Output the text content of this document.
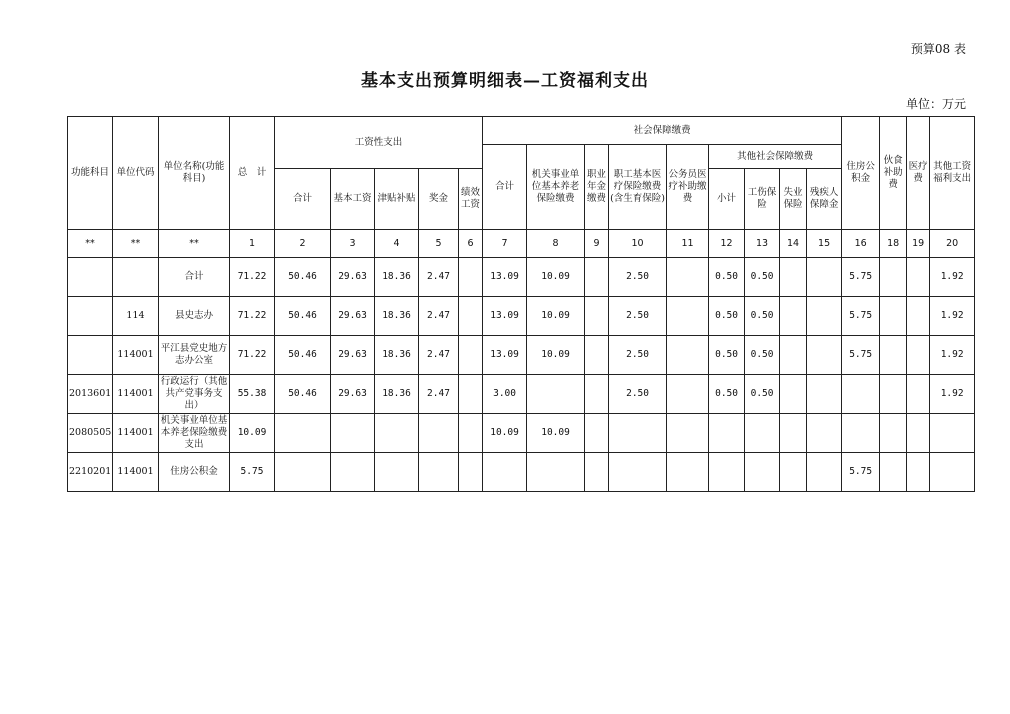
预算08 表
基本支出预算明细表—工资福利支出
单位：万元
功能科目	单位代码	单位名称(功能科目)	总　计	工资性支出					社会保障缴费									住房公积金	伙食补助费	医疗费	其他工资福利支出
									合计	机关事业单位基本养老保险缴费	职业年金缴费	职工基本医疗保险缴费(含生育保险)	公务员医疗补助缴费	其他社会保障缴费							
				合计	基本工资	津贴补贴	奖金	绩效工资						小计	工伤保险	失业保险	残疾人保障金				
**	**	**	1	2	3	4	5	6	7	8	9	10	11	12	13	14	15	16	18	19	20
		合计	71.22	50.46	29.63	18.36	2.47		13.09	10.09		2.50		0.50	0.50			5.75			1.92
	114	县史志办	71.22	50.46	29.63	18.36	2.47		13.09	10.09		2.50		0.50	0.50			5.75			1.92
	114001	平江县党史地方志办公室	71.22	50.46	29.63	18.36	2.47		13.09	10.09		2.50		0.50	0.50			5.75			1.92
2013601	114001	行政运行（其他共产党事务支出）	55.38	50.46	29.63	18.36	2.47		3.00			2.50		0.50	0.50						1.92
2080505	114001	机关事业单位基本养老保险缴费支出	10.09						10.09	10.09											
2210201	114001	住房公积金	5.75															5.75			
